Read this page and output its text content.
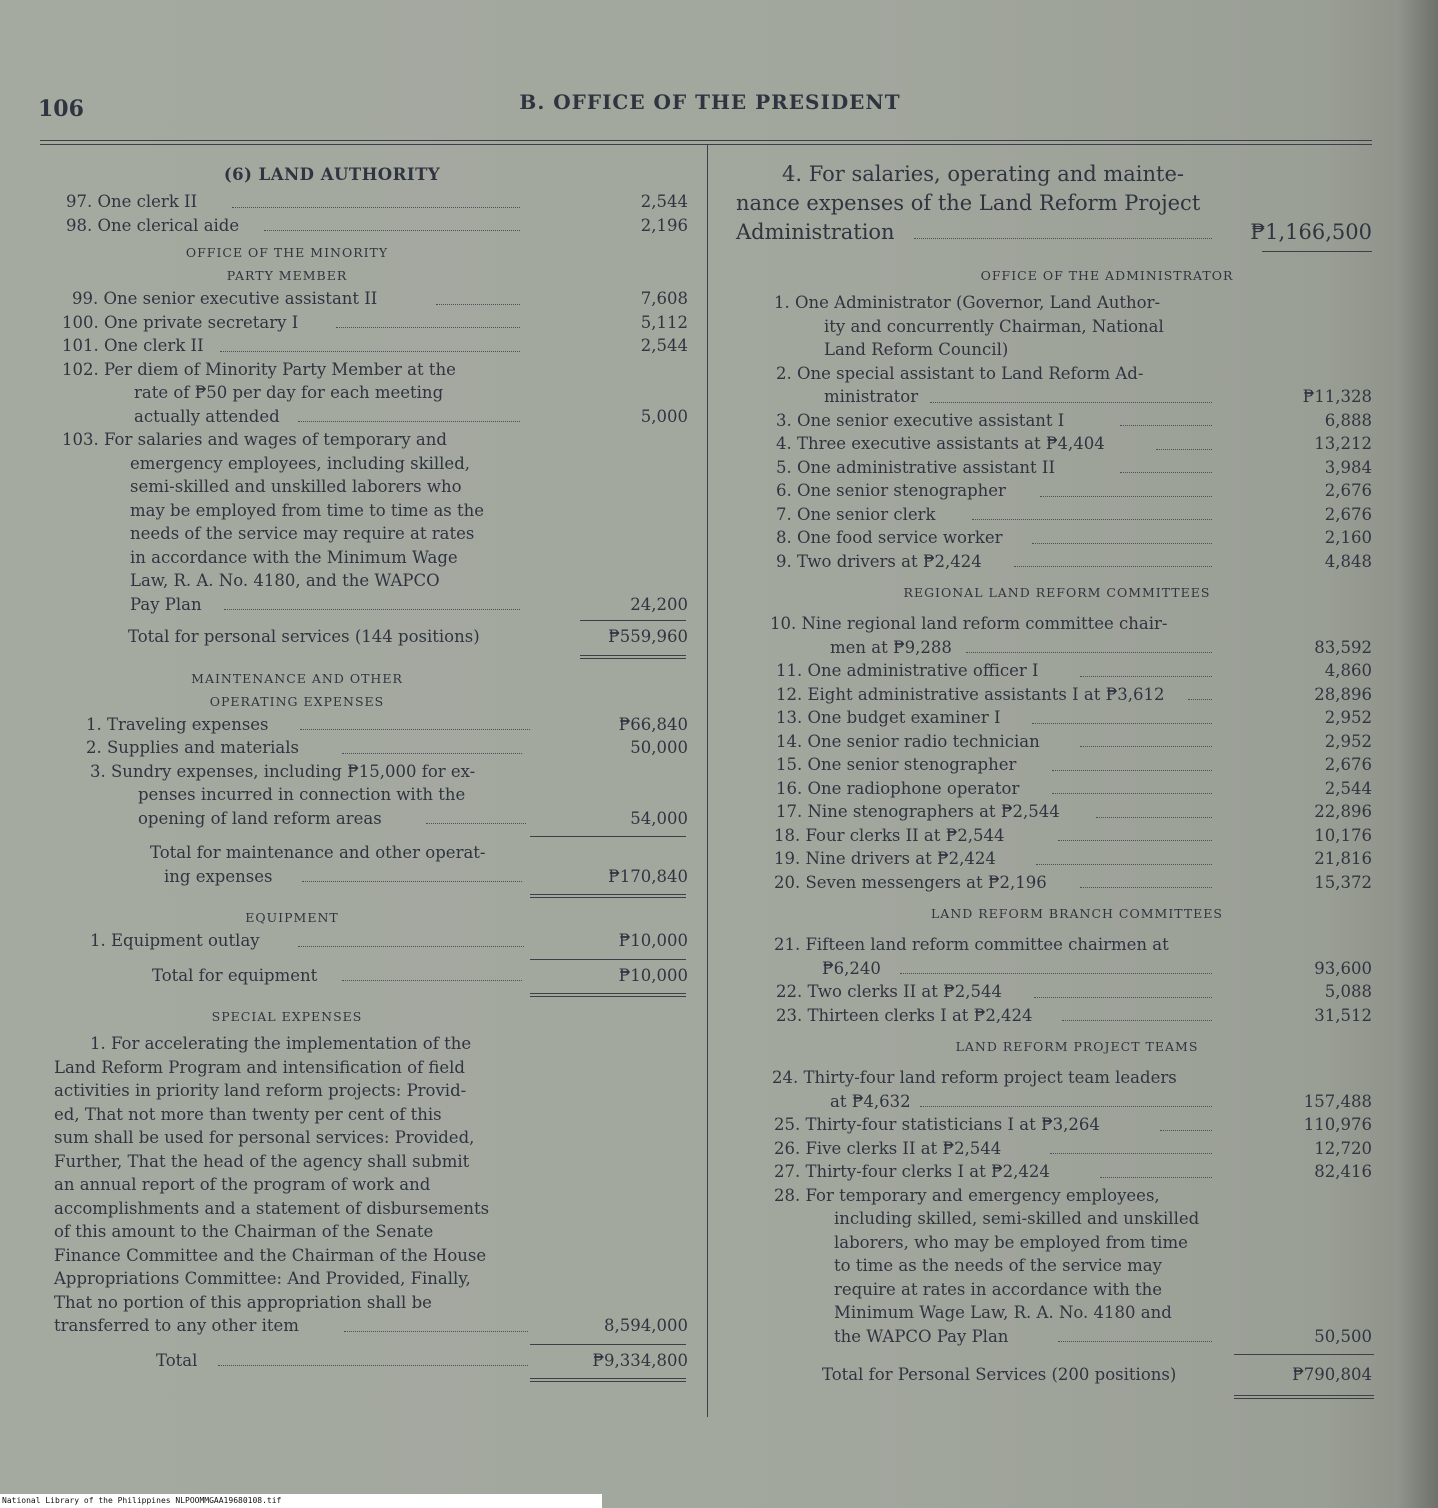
106	B. OFFICE OF THE PRESIDENT
(6) LAND AUTHORITY
97. One clerk II	2,544
98. One clerical aide	2,196
OFFICE OF THE MINORITY
PARTY MEMBER
99. One senior executive assistant II	7,608
100. One private secretary I	5,112
101. One clerk II	2,544
102. Per diem of Minority Party Member at the
rate of ₱50 per day for each meeting
actually attended	5,000
103. For salaries and wages of temporary and
emergency employees, including skilled,
semi-skilled and unskilled laborers who
may be employed from time to time as the
needs of the service may require at rates
in accordance with the Minimum Wage
Law, R. A. No. 4180, and the WAPCO
Pay Plan	24,200
Total for personal services (144 positions)	₱559,960
MAINTENANCE AND OTHER
OPERATING EXPENSES
1. Traveling expenses	₱66,840
2. Supplies and materials	50,000
3. Sundry expenses, including ₱15,000 for ex-
penses incurred in connection with the
opening of land reform areas	54,000
Total for maintenance and other operat-
ing expenses	₱170,840
EQUIPMENT
1. Equipment outlay	₱10,000
Total for equipment	₱10,000
SPECIAL EXPENSES
1. For accelerating the implementation of the
Land Reform Program and intensification of field
activities in priority land reform projects: Provid-
ed, That not more than twenty per cent of this
sum shall be used for personal services: Provided,
Further, That the head of the agency shall submit
an annual report of the program of work and
accomplishments and a statement of disbursements
of this amount to the Chairman of the Senate
Finance Committee and the Chairman of the House
Appropriations Committee: And Provided, Finally,
That no portion of this appropriation shall be
transferred to any other item	8,594,000
Total	₱9,334,800
4. For salaries, operating and mainte-
nance expenses of the Land Reform Project
Administration	₱1,166,500
OFFICE OF THE ADMINISTRATOR
1. One Administrator (Governor, Land Author-
ity and concurrently Chairman, National
Land Reform Council)
2. One special assistant to Land Reform Ad-
ministrator	₱11,328
3. One senior executive assistant I	6,888
4. Three executive assistants at ₱4,404	13,212
5. One administrative assistant II	3,984
6. One senior stenographer	2,676
7. One senior clerk	2,676
8. One food service worker	2,160
9. Two drivers at ₱2,424	4,848
REGIONAL LAND REFORM COMMITTEES
10. Nine regional land reform committee chair-
men at ₱9,288	83,592
11. One administrative officer I	4,860
12. Eight administrative assistants I at ₱3,612	28,896
13. One budget examiner I	2,952
14. One senior radio technician	2,952
15. One senior stenographer	2,676
16. One radiophone operator	2,544
17. Nine stenographers at ₱2,544	22,896
18. Four clerks II at ₱2,544	10,176
19. Nine drivers at ₱2,424	21,816
20. Seven messengers at ₱2,196	15,372
LAND REFORM BRANCH COMMITTEES
21. Fifteen land reform committee chairmen at
₱6,240	93,600
22. Two clerks II at ₱2,544	5,088
23. Thirteen clerks I at ₱2,424	31,512
LAND REFORM PROJECT TEAMS
24. Thirty-four land reform project team leaders
at ₱4,632	157,488
25. Thirty-four statisticians I at ₱3,264	110,976
26. Five clerks II at ₱2,544	12,720
27. Thirty-four clerks I at ₱2,424	82,416
28. For temporary and emergency employees,
including skilled, semi-skilled and unskilled
laborers, who may be employed from time
to time as the needs of the service may
require at rates in accordance with the
Minimum Wage Law, R. A. No. 4180 and
the WAPCO Pay Plan	50,500
Total for Personal Services (200 positions)	₱790,804
National Library of the Philippines NLPOOMMGAA19680108.tif
